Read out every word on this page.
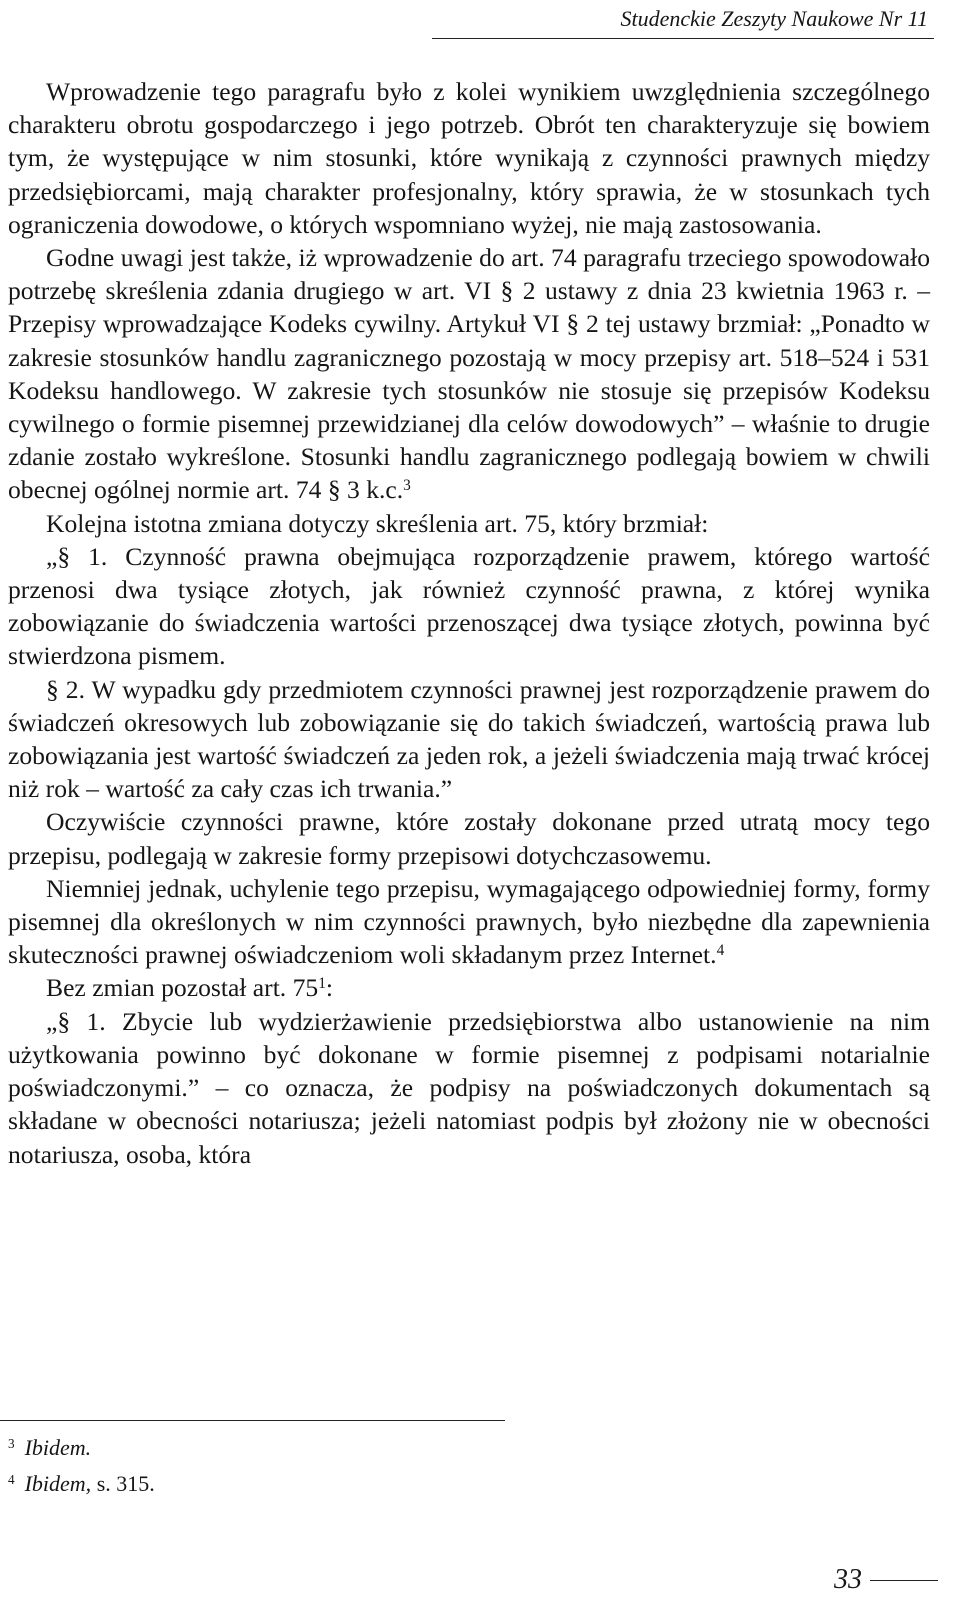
Studenckie Zeszyty Naukowe Nr 11

Wprowadzenie tego paragrafu było z kolei wynikiem uwzględnienia szczególnego charakteru obrotu gospodarczego i jego potrzeb. Obrót ten charakteryzuje się bowiem tym, że występujące w nim stosunki, które wynikają z czynności prawnych między przedsiębiorcami, mają charakter profesjonalny, który sprawia, że w stosunkach tych ograniczenia dowodowe, o których wspomniano wyżej, nie mają zastosowania.

Godne uwagi jest także, iż wprowadzenie do art. 74 paragrafu trzeciego spowodowało potrzebę skreślenia zdania drugiego w art. VI § 2 ustawy z dnia 23 kwietnia 1963 r. – Przepisy wprowadzające Kodeks cywilny. Artykuł VI § 2 tej ustawy brzmiał: „Ponadto w zakresie stosunków handlu zagranicznego pozostają w mocy przepisy art. 518–524 i 531 Kodeksu handlowego. W zakresie tych stosunków nie stosuje się przepisów Kodeksu cywilnego o formie pisemnej przewidzianej dla celów dowodowych” – właśnie to drugie zdanie zostało wykreślone. Stosunki handlu zagranicznego podlegają bowiem w chwili obecnej ogólnej normie art. 74 § 3 k.c.$^3$

Kolejna istotna zmiana dotyczy skreślenia art. 75, który brzmiał:

„§ 1. Czynność prawna obejmująca rozporządzenie prawem, którego wartość przenosi dwa tysiące złotych, jak również czynność prawna, z której wynika zobowiązanie do świadczenia wartości przenoszącej dwa tysiące złotych, powinna być stwierdzona pismem.

§ 2. W wypadku gdy przedmiotem czynności prawnej jest rozporządzenie prawem do świadczeń okresowych lub zobowiązanie się do takich świadczeń, wartością prawa lub zobowiązania jest wartość świadczeń za jeden rok, a jeżeli świadczenia mają trwać krócej niż rok – wartość za cały czas ich trwania.”

Oczywiście czynności prawne, które zostały dokonane przed utratą mocy tego przepisu, podlegają w zakresie formy przepisowi dotychczasowemu.

Niemniej jednak, uchylenie tego przepisu, wymagającego odpowiedniej formy, formy pisemnej dla określonych w nim czynności prawnych, było niezbędne dla zapewnienia skuteczności prawnej oświadczeniom woli składanym przez Internet.$^4$

Bez zmian pozostał art. $75^1$:

„§ 1. Zbycie lub wydzierżawienie przedsiębiorstwa albo ustanowienie na nim użytkowania powinno być dokonane w formie pisemnej z podpisami notarialnie poświadczonymi.” – co oznacza, że podpisy na poświadczonych dokumentach są składane w obecności notariusza; jeżeli natomiast podpis był złożony nie w obecności notariusza, osoba, która

$^3$ Ibidem.
$^4$ Ibidem, s. 315.
33
